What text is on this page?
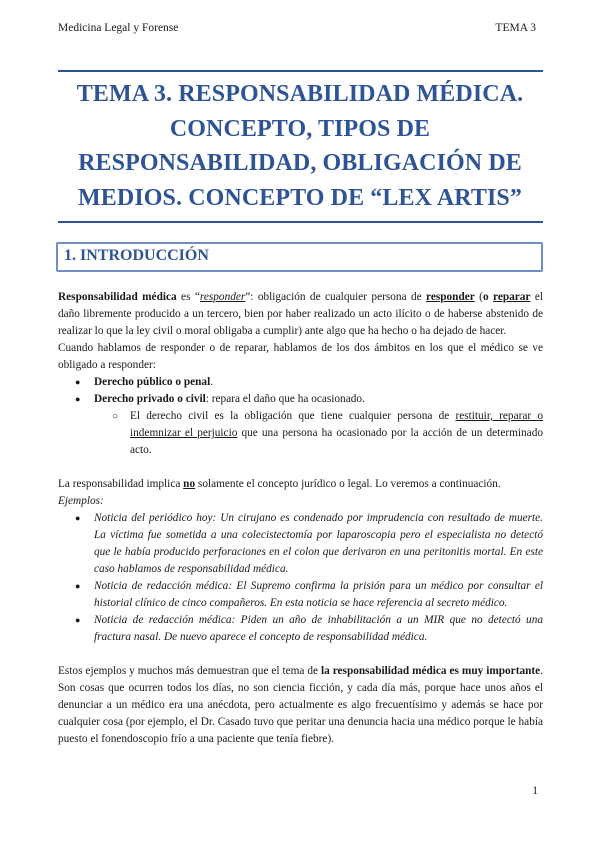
Medicina Legal y Forense	TEMA 3
TEMA 3. RESPONSABILIDAD MÉDICA.
CONCEPTO, TIPOS DE
RESPONSABILIDAD, OBLIGACIÓN DE
MEDIOS. CONCEPTO DE “LEX ARTIS”
1. INTRODUCCIÓN

Responsabilidad médica es “responder”: obligación de cualquier persona de responder (o reparar el daño libremente producido a un tercero, bien por haber realizado un acto ilícito o de haberse abstenido de realizar lo que la ley civil o moral obligaba a cumplir) ante algo que ha hecho o ha dejado de hacer.

Cuando hablamos de responder o de reparar, hablamos de los dos ámbitos en los que el médico se ve obligado a responder:

● Derecho público o penal.
● Derecho privado o civil: repara el daño que ha ocasionado.
○ El derecho civil es la obligación que tiene cualquier persona de restituir, reparar o indemnizar el perjuicio que una persona ha ocasionado por la acción de un determinado acto.

La responsabilidad implica no solamente el concepto jurídico o legal. Lo veremos a continuación.

Ejemplos:

● Noticia del periódico hoy: Un cirujano es condenado por imprudencia con resultado de muerte. La víctima fue sometida a una colecistectomía por laparoscopia pero el especialista no detectó que le había producido perforaciones en el colon que derivaron en una peritonitis mortal. En este caso hablamos de responsabilidad médica.
● Noticia de redacción médica: El Supremo confirma la prisión para un médico por consultar el historial clínico de cinco compañeros. En esta noticia se hace referencia al secreto médico.
● Noticia de redacción médica: Piden un año de inhabilitación a un MIR que no detectó una fractura nasal. De nuevo aparece el concepto de responsabilidad médica.

Estos ejemplos y muchos más demuestran que el tema de la responsabilidad médica es muy importante. Son cosas que ocurren todos los días, no son ciencia ficción, y cada día más, porque hace unos años el denunciar a un médico era una anécdota, pero actualmente es algo frecuentísimo y además se hace por cualquier cosa (por ejemplo, el Dr. Casado tuvo que peritar una denuncia hacia una médico porque le había puesto el fonendoscopio frío a una paciente que tenía fiebre).

1
